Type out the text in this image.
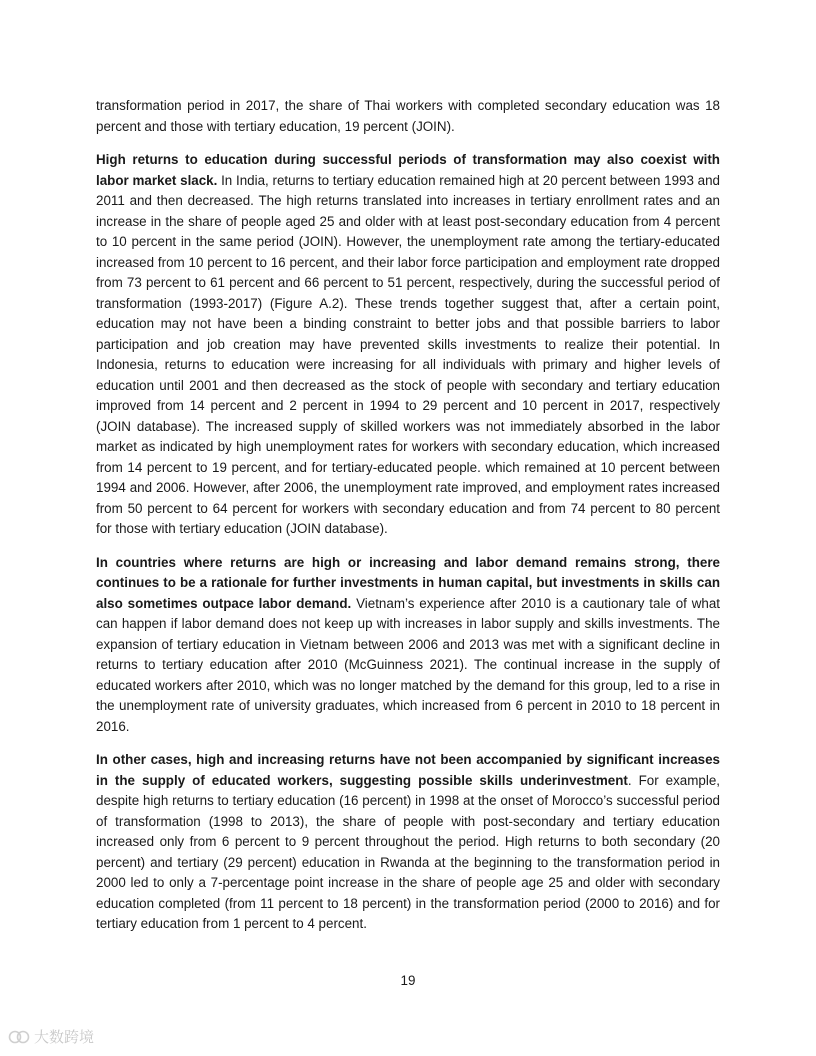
transformation period in 2017, the share of Thai workers with completed secondary education was 18 percent and those with tertiary education, 19 percent (JOIN).

High returns to education during successful periods of transformation may also coexist with labor market slack. In India, returns to tertiary education remained high at 20 percent between 1993 and 2011 and then decreased. The high returns translated into increases in tertiary enrollment rates and an increase in the share of people aged 25 and older with at least post-secondary education from 4 percent to 10 percent in the same period (JOIN). However, the unemployment rate among the tertiary-educated increased from 10 percent to 16 percent, and their labor force participation and employment rate dropped from 73 percent to 61 percent and 66 percent to 51 percent, respectively, during the successful period of transformation (1993-2017) (Figure A.2). These trends together suggest that, after a certain point, education may not have been a binding constraint to better jobs and that possible barriers to labor participation and job creation may have prevented skills investments to realize their potential. In Indonesia, returns to education were increasing for all individuals with primary and higher levels of education until 2001 and then decreased as the stock of people with secondary and tertiary education improved from 14 percent and 2 percent in 1994 to 29 percent and 10 percent in 2017, respectively (JOIN database). The increased supply of skilled workers was not immediately absorbed in the labor market as indicated by high unemployment rates for workers with secondary education, which increased from 14 percent to 19 percent, and for tertiary-educated people. which remained at 10 percent between 1994 and 2006. However, after 2006, the unemployment rate improved, and employment rates increased from 50 percent to 64 percent for workers with secondary education and from 74 percent to 80 percent for those with tertiary education (JOIN database).

In countries where returns are high or increasing and labor demand remains strong, there continues to be a rationale for further investments in human capital, but investments in skills can also sometimes outpace labor demand. Vietnam’s experience after 2010 is a cautionary tale of what can happen if labor demand does not keep up with increases in labor supply and skills investments. The expansion of tertiary education in Vietnam between 2006 and 2013 was met with a significant decline in returns to tertiary education after 2010 (McGuinness 2021). The continual increase in the supply of educated workers after 2010, which was no longer matched by the demand for this group, led to a rise in the unemployment rate of university graduates, which increased from 6 percent in 2010 to 18 percent in 2016.

In other cases, high and increasing returns have not been accompanied by significant increases in the supply of educated workers, suggesting possible skills underinvestment. For example, despite high returns to tertiary education (16 percent) in 1998 at the onset of Morocco’s successful period of transformation (1998 to 2013), the share of people with post-secondary and tertiary education increased only from 6 percent to 9 percent throughout the period. High returns to both secondary (20 percent) and tertiary (29 percent) education in Rwanda at the beginning to the transformation period in 2000 led to only a 7-percentage point increase in the share of people age 25 and older with secondary education completed (from 11 percent to 18 percent) in the transformation period (2000 to 2016) and for tertiary education from 1 percent to 4 percent.

19
大数跨境
